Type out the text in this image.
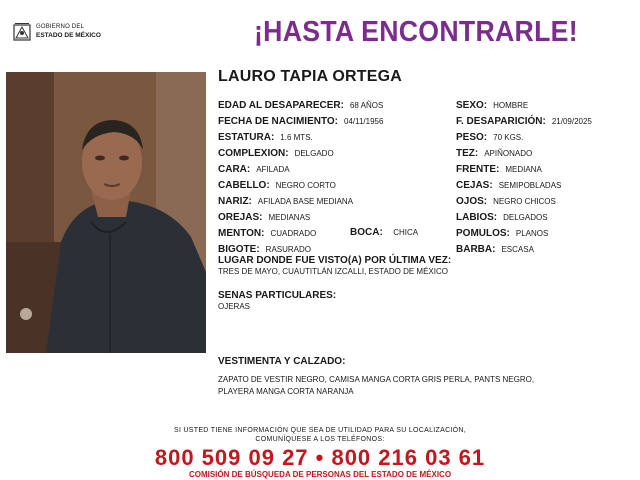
GOBIERNO DEL
ESTADO DE MÉXICO	¡HASTA ENCONTRARLE!
LAURO TAPIA ORTEGA
EDAD AL DESAPARECER: 68 AÑOS
FECHA DE NACIMIENTO: 04/11/1956
ESTATURA: 1.6 MTS.
COMPLEXION: DELGADO
CARA: AFILADA
CABELLO: NEGRO CORTO
NARIZ: AFILADA BASE MEDIANA
OREJAS: MEDIANAS
MENTON: CUADRADO
BIGOTE: RASURADO
SEXO: HOMBRE
F. DESAPARICIÓN: 21/09/2025
PESO: 70 KGS.
TEZ: APIÑONADO
FRENTE: MEDIANA
CEJAS: SEMIPOBLADAS
OJOS: NEGRO CHICOS
LABIOS: DELGADOS
POMULOS: PLANOS
BARBA: ESCASA
BOCA: CHICA
LUGAR DONDE FUE VISTO(A) POR ÚLTIMA VEZ:
TRES DE MAYO, CUAUTITLÁN IZCALLI, ESTADO DE MÉXICO
SENAS PARTICULARES:
OJERAS
VESTIMENTA Y CALZADO:
ZAPATO DE VESTIR NEGRO, CAMISA MANGA CORTA GRIS PERLA, PANTS NEGRO,
PLAYERA MANGA CORTA NARANJA
SI USTED TIENE INFORMACIÓN QUE SEA DE UTILIDAD PARA SU LOCALIZACIÓN,
COMUNÍQUESE A LOS TELÉFONOS:
800 509 09 27 • 800 216 03 61
COMISIÓN DE BÚSQUEDA DE PERSONAS DEL ESTADO DE MÉXICO
